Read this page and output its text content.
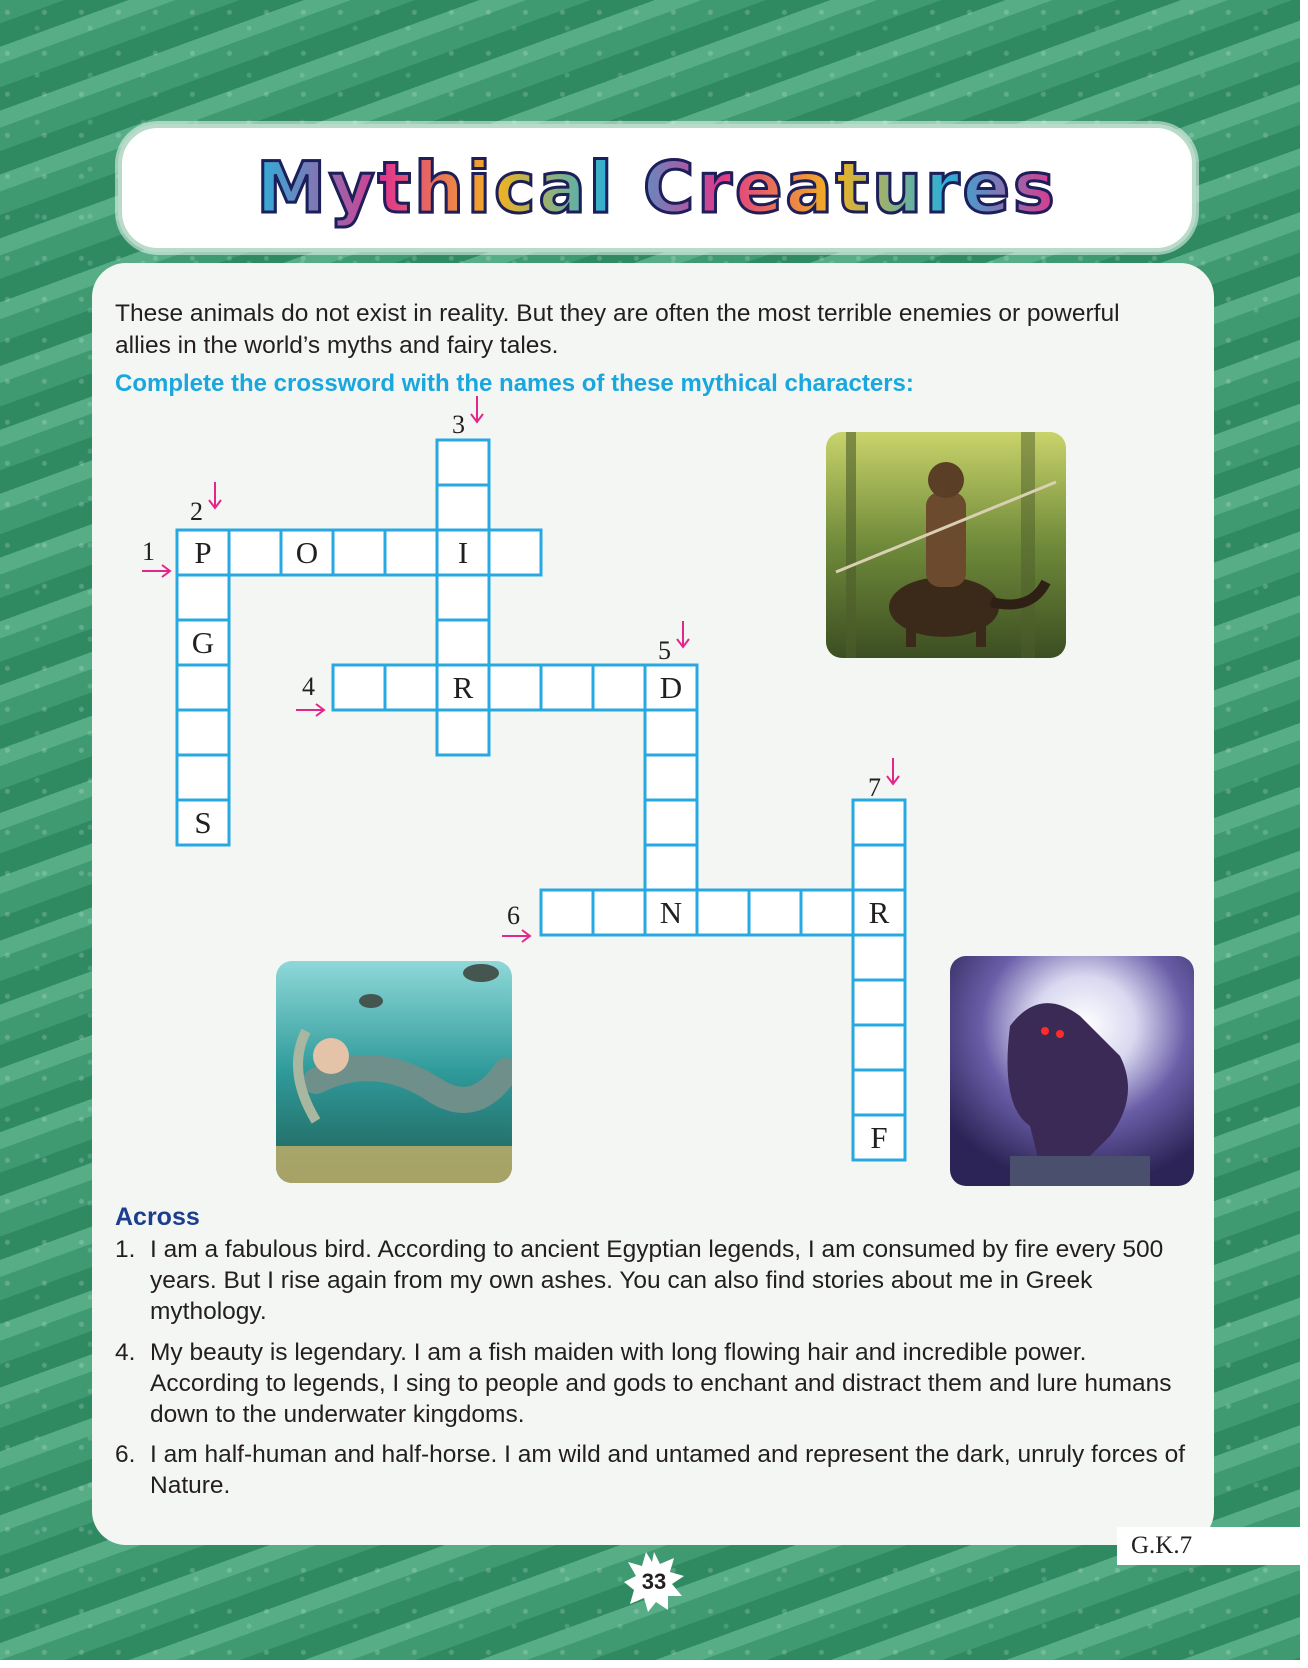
Mythical Creatures
These animals do not exist in reality. But they are often the most terrible enemies or powerful allies in the world’s myths and fairy tales.
Complete the crossword with the names of these mythical characters:
P	O	I
G
S
R	D
N	R
F
1
2
3
4
5
6
7
Across
1. I am a fabulous bird. According to ancient Egyptian legends, I am consumed by fire every 500 years. But I rise again from my own ashes. You can also find stories about me in Greek mythology.
4. My beauty is legendary. I am a fish maiden with long flowing hair and incredible power. According to legends, I sing to people and gods to enchant and distract them and lure humans down to the underwater kingdoms.
6. I am half-human and half-horse. I am wild and untamed and represent the dark, unruly forces of Nature.
33
G.K.7
